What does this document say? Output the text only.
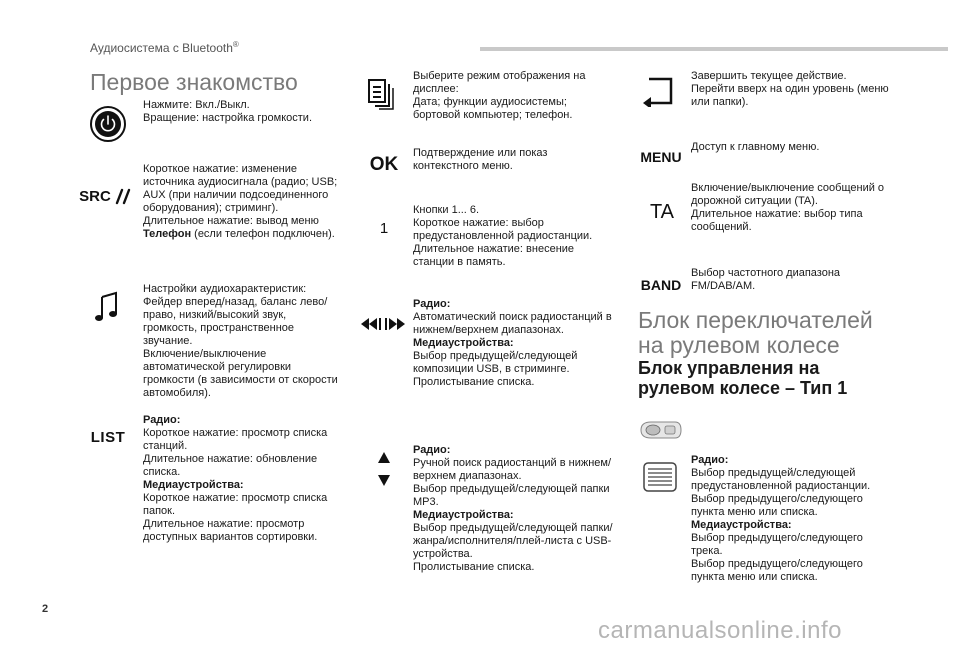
Аудиосистема с Bluetooth®
Первое знакомство
Нажмите: Вкл./Выкл.
Вращение: настройка громкости.
SRC
Короткое нажатие: изменение источника аудиосигнала (радио; USB; AUX (при наличии подсоединенного оборудования); стриминг).
Длительное нажатие: вывод меню
Телефон (если телефон подключен).
Настройки аудиохарактеристик:
Фейдер вперед/назад, баланс лево/право, низкий/высокий звук, громкость, пространственное звучание.
Включение/выключение автоматической регулировки громкости (в зависимости от скорости автомобиля).
LIST
Радио:
Короткое нажатие: просмотр списка станций.
Длительное нажатие: обновление списка.
Медиаустройства:
Короткое нажатие: просмотр списка папок.
Длительное нажатие: просмотр доступных вариантов сортировки.
Выберите режим отображения на дисплее:
Дата; функции аудиосистемы; бортовой компьютер; телефон.
OK
Подтверждение или показ контекстного меню.
1
Кнопки 1... 6.
Короткое нажатие: выбор предустановленной радиостанции.
Длительное нажатие: внесение станции в память.
Радио:
Автоматический поиск радиостанций в нижнем/верхнем диапазонах.
Медиаустройства:
Выбор предыдущей/следующей композиции USB, в стриминге.
Пролистывание списка.
Радио:
Ручной поиск радиостанций в нижнем/верхнем диапазонах.
Выбор предыдущей/следующей папки MP3.
Медиаустройства:
Выбор предыдущей/следующей папки/жанра/исполнителя/плей-листа с USB-устройства.
Пролистывание списка.
Завершить текущее действие.
Перейти вверх на один уровень (меню или папки).
MENU
Доступ к главному меню.
TA
Включение/выключение сообщений о дорожной ситуации (TA).
Длительное нажатие: выбор типа сообщений.
BAND
Выбор частотного диапазона FM/DAB/AM.
Блок переключателей на рулевом колесе
Блок управления на рулевом колесе – Тип 1
Радио:
Выбор предыдущей/следующей предустановленной радиостанции.
Выбор предыдущего/следующего пункта меню или списка.
Медиаустройства:
Выбор предыдущего/следующего трека.
Выбор предыдущего/следующего пункта меню или списка.
2
carmanualsonline.info
